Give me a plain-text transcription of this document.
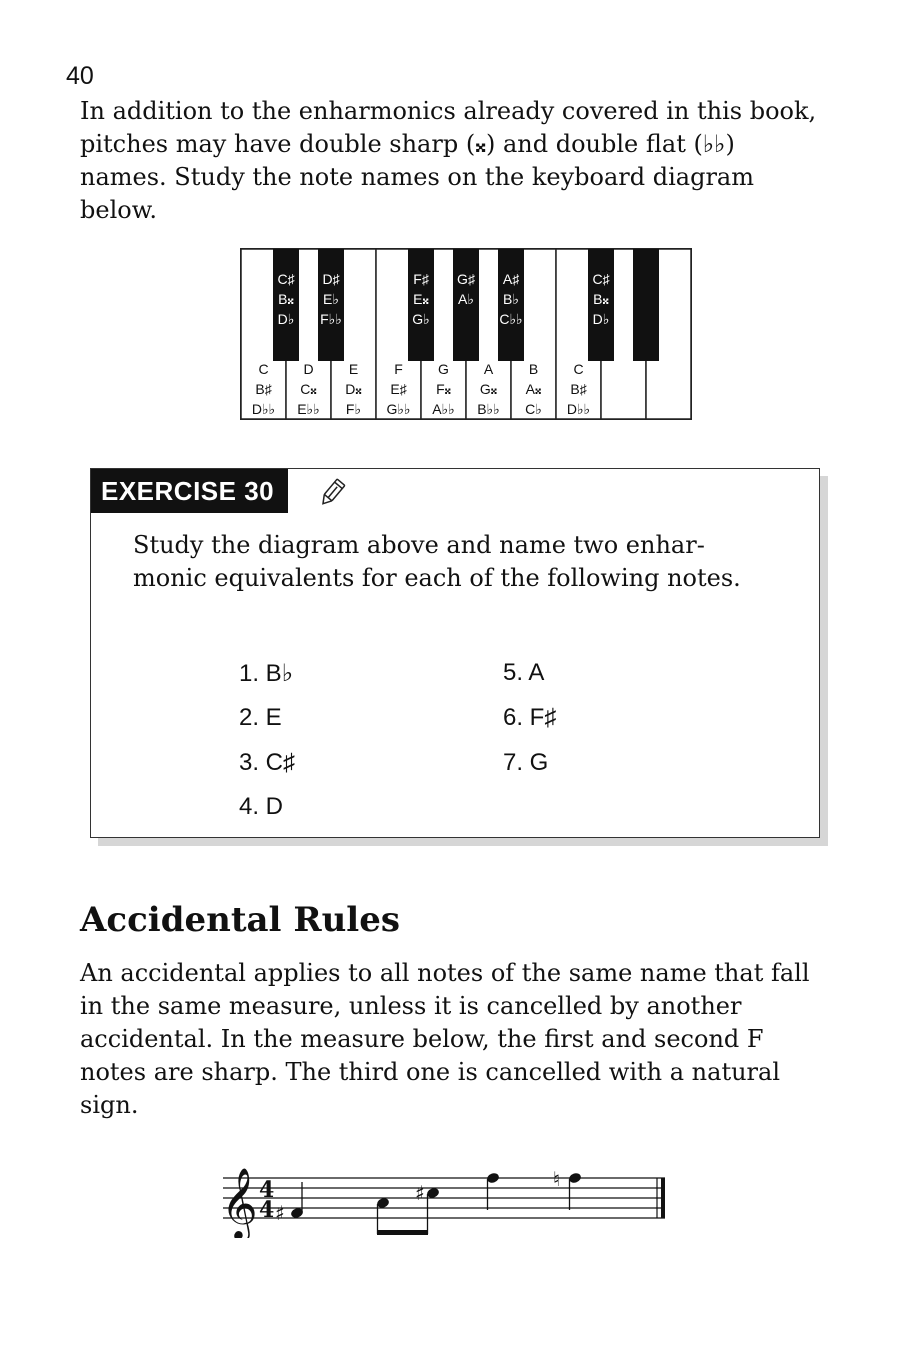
40

In addition to the enharmonics already covered in this book, pitches may have double sharp (𝄪) and double flat (♭♭) names. Study the note names on the keyboard diagram below.

C
B♯
D♭♭
D
C𝄪
E♭♭
E
D𝄪
F♭
F
E♯
G♭♭
G
F𝄪
A♭♭
A
G𝄪
B♭♭
B
A𝄪
C♭
C
B♯
D♭♭
C♯
B𝄪
D♭
D♯
E♭
F♭♭
F♯
E𝄪
G♭
G♯
A♭
A♯
B♭
C♭♭
C♯
B𝄪
D♭
EXERCISE 30

Study the diagram above and name two enhar-monic equivalents for each of the following notes.

1. B♭
2. E
3. C♯
4. D
5. A
6. F♯
7. G
Accidental Rules

An accidental applies to all notes of the same name that fall in the same measure, unless it is cancelled by another accidental. In the measure below, the first and second F notes are sharp. The third one is cancelled with a natural sign.

𝄞 4
4 ♯
♯
♮
